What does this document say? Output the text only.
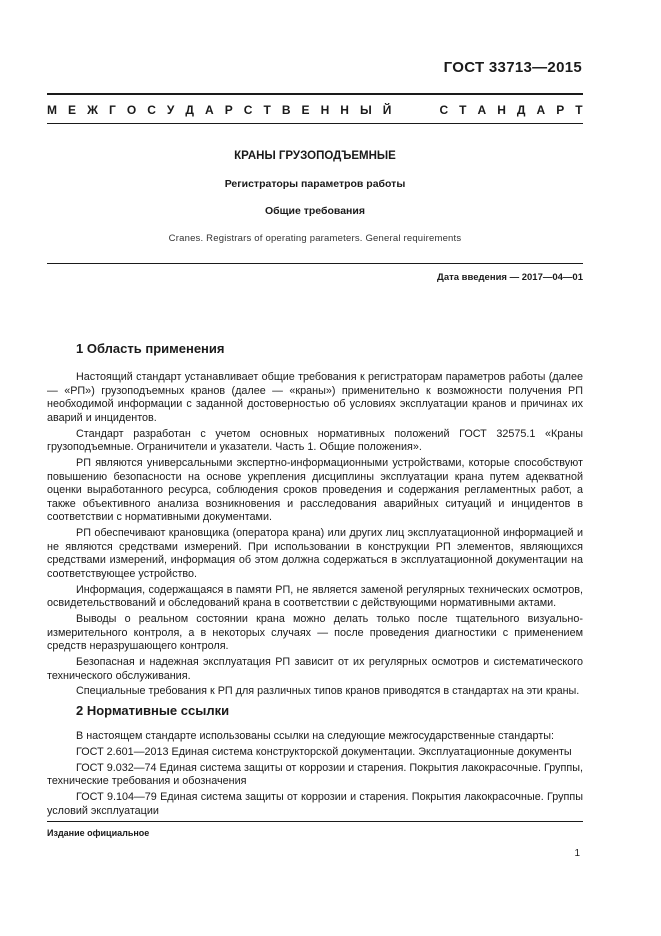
ГОСТ 33713—2015
М Е Ж Г О С У Д А Р С Т В Е Н Н Ы Й	С Т А Н Д А Р Т
КРАНЫ ГРУЗОПОДЪЕМНЫЕ
Регистраторы параметров работы
Общие требования
Cranes. Registrars of operating parameters. General requirements
Дата введения — 2017—04—01
1 Область применения

Настоящий стандарт устанавливает общие требования к регистраторам параметров работы (далее — «РП») грузоподъемных кранов (далее — «краны») применительно к возможности получения РП необходимой информации с заданной достоверностью об условиях эксплуатации кранов и причинах их аварий и инцидентов.

Стандарт разработан с учетом основных нормативных положений ГОСТ 32575.1 «Краны грузоподъемные. Ограничители и указатели. Часть 1. Общие положения».

РП являются универсальными экспертно-информационными устройствами, которые способствуют повышению безопасности на основе укрепления дисциплины эксплуатации крана путем адекватной оценки выработанного ресурса, соблюдения сроков проведения и содержания регламентных работ, а также объективного анализа возникновения и расследования аварийных ситуаций и инцидентов в соответствии с нормативными документами.

РП обеспечивают крановщика (оператора крана) или других лиц эксплуатационной информацией и не являются средствами измерений. При использовании в конструкции РП элементов, являющихся средствами измерений, информация об этом должна содержаться в эксплуатационной документации на соответствующее устройство.

Информация, содержащаяся в памяти РП, не является заменой регулярных технических осмотров, освидетельствований и обследований крана в соответствии с действующими нормативными актами.

Выводы о реальном состоянии крана можно делать только после тщательного визуально-измерительного контроля, а в некоторых случаях — после проведения диагностики с применением средств неразрушающего контроля.

Безопасная и надежная эксплуатация РП зависит от их регулярных осмотров и систематического технического обслуживания.

Специальные требования к РП для различных типов кранов приводятся в стандартах на эти краны.

2 Нормативные ссылки

В настоящем стандарте использованы ссылки на следующие межгосударственные стандарты:

ГОСТ 2.601—2013 Единая система конструкторской документации. Эксплуатационные документы

ГОСТ 9.032—74 Единая система защиты от коррозии и старения. Покрытия лакокрасочные. Группы, технические требования и обозначения

ГОСТ 9.104—79 Единая система защиты от коррозии и старения. Покрытия лакокрасочные. Группы условий эксплуатации

Издание официальное
1
